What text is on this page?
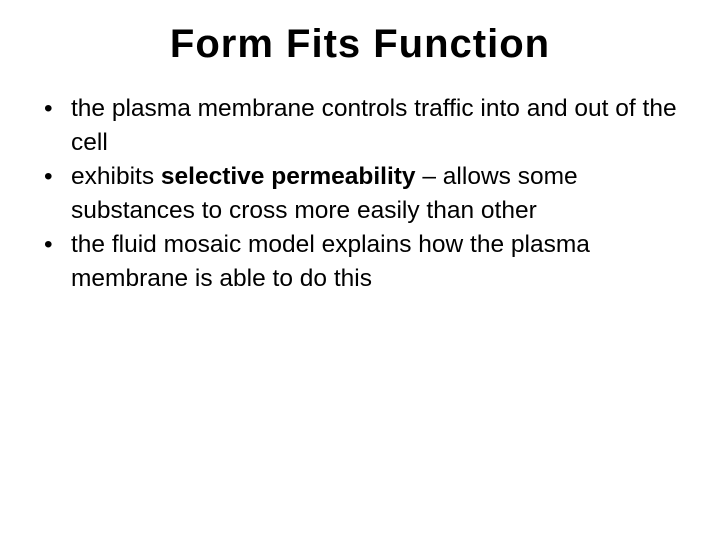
Form Fits Function
• the plasma membrane controls traffic into and out of the cell
• exhibits selective permeability – allows some substances to cross more easily than other
• the fluid mosaic model explains how the plasma membrane is able to do this
